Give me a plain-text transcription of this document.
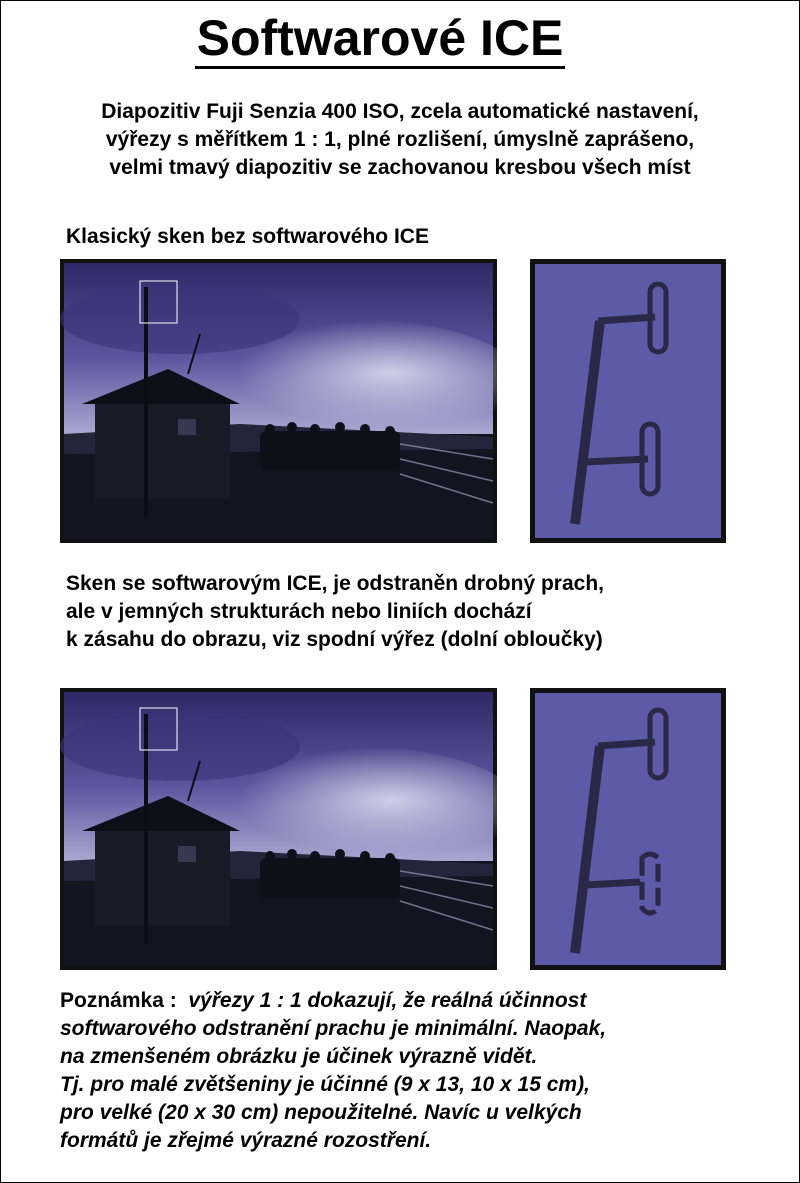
Softwarové ICE
Diapozitiv Fuji Senzia 400 ISO, zcela automatické nastavení,
výřezy s měřítkem 1 : 1, plné rozlišení, úmyslně zaprášeno,
velmi tmavý diapozitiv se zachovanou kresbou všech míst
Klasický sken bez softwarového ICE
Sken se softwarovým ICE, je odstraněn drobný prach,
ale v jemných strukturách nebo liniích dochází
k zásahu do obrazu, viz spodní výřez (dolní obloučky)
Poznámka : výřezy 1 : 1 dokazují, že reálná účinnost
softwarového odstranění prachu je minimální. Naopak,
na zmenšeném obrázku je účinek výrazně vidět.
Tj. pro malé zvětšeniny je účinné (9 x 13, 10 x 15 cm),
pro velké (20 x 30 cm) nepoužitelné. Navíc u velkých
formátů je zřejmé výrazné rozostření.
